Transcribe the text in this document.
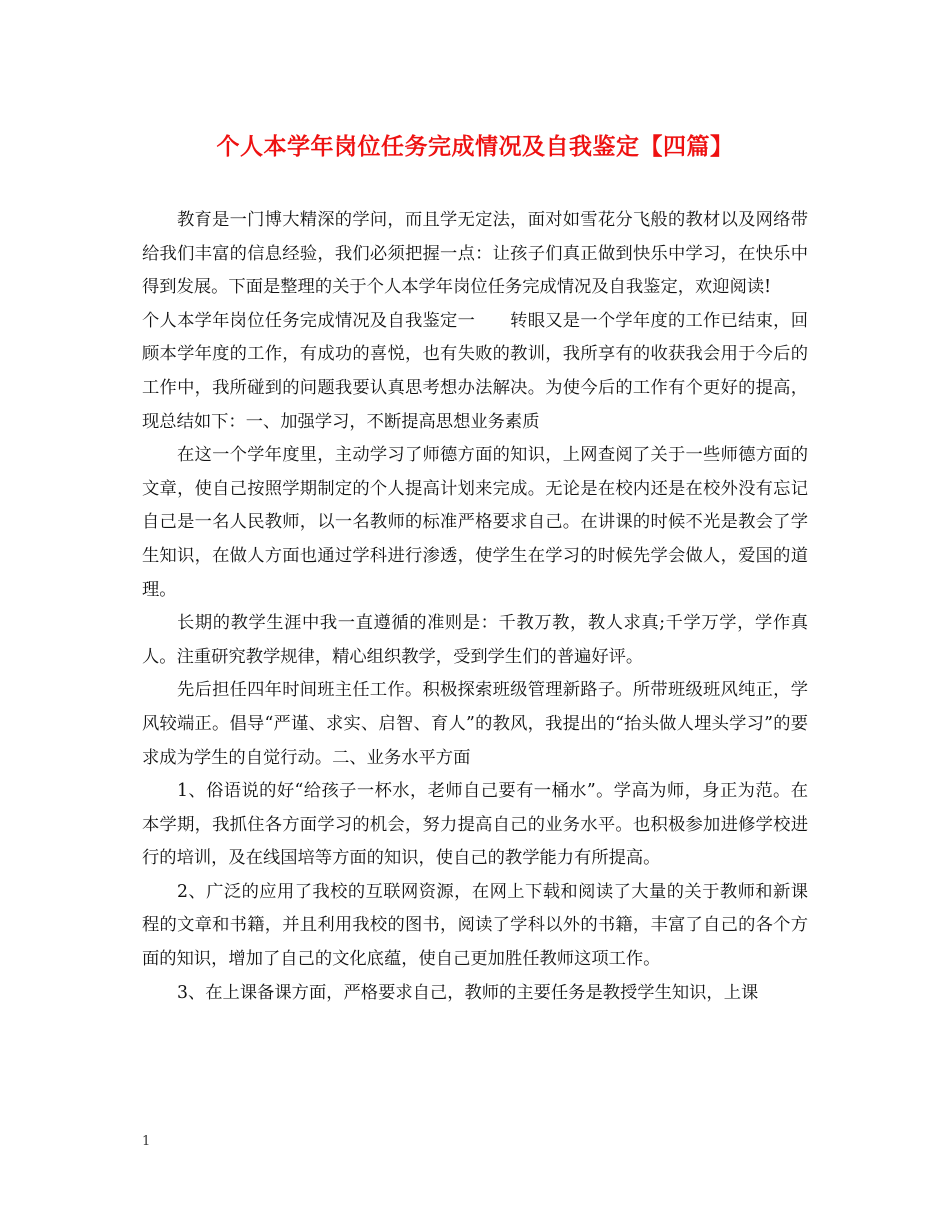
个人本学年岗位任务完成情况及自我鉴定【四篇】

教育是一门博大精深的学问，而且学无定法，面对如雪花分飞般的教材以及网络带给我们丰富的信息经验，我们必须把握一点：让孩子们真正做到快乐中学习，在快乐中得到发展。下面是整理的关于个人本学年岗位任务完成情况及自我鉴定，欢迎阅读!

个人本学年岗位任务完成情况及自我鉴定一　　转眼又是一个学年度的工作已结束，回顾本学年度的工作，有成功的喜悦，也有失败的教训，我所享有的收获我会用于今后的工作中，我所碰到的问题我要认真思考想办法解决。为使今后的工作有个更好的提高，现总结如下：一、加强学习，不断提高思想业务素质

在这一个学年度里，主动学习了师德方面的知识，上网查阅了关于一些师德方面的文章，使自己按照学期制定的个人提高计划来完成。无论是在校内还是在校外没有忘记自己是一名人民教师，以一名教师的标准严格要求自己。在讲课的时候不光是教会了学生知识，在做人方面也通过学科进行渗透，使学生在学习的时候先学会做人，爱国的道理。

长期的教学生涯中我一直遵循的准则是：千教万教，教人求真;千学万学，学作真人。注重研究教学规律，精心组织教学，受到学生们的普遍好评。

先后担任四年时间班主任工作。积极探索班级管理新路子。所带班级班风纯正，学风较端正。倡导“严谨、求实、启智、育人”的教风，我提出的“抬头做人埋头学习”的要求成为学生的自觉行动。二、业务水平方面

1、俗语说的好“给孩子一杯水，老师自己要有一桶水”。学高为师，身正为范。在本学期，我抓住各方面学习的机会，努力提高自己的业务水平。也积极参加进修学校进行的培训，及在线国培等方面的知识，使自己的教学能力有所提高。

2、广泛的应用了我校的互联网资源，在网上下载和阅读了大量的关于教师和新课程的文章和书籍，并且利用我校的图书，阅读了学科以外的书籍，丰富了自己的各个方面的知识，增加了自己的文化底蕴，使自己更加胜任教师这项工作。

3、在上课备课方面，严格要求自己，教师的主要任务是教授学生知识，上课

1
